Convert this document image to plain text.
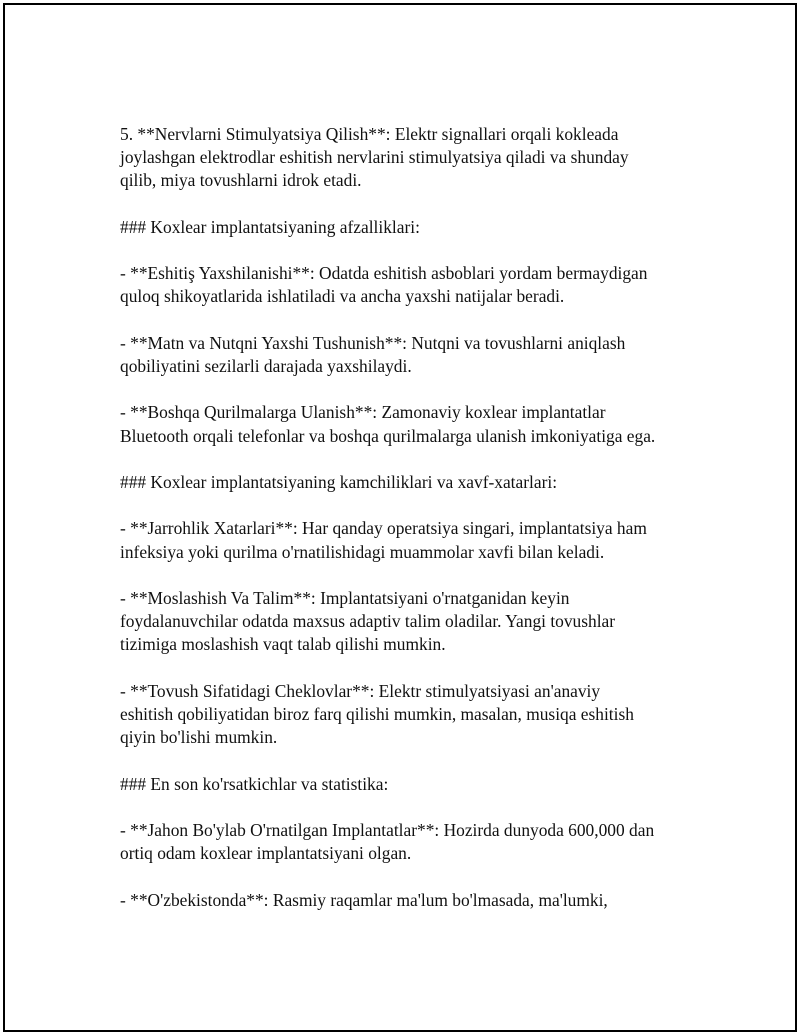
5. **Nervlarni Stimulyatsiya Qilish**: Elektr signallari orqali kokleada
joylashgan elektrodlar eshitish nervlarini stimulyatsiya qiladi va shunday
qilib, miya tovushlarni idrok etadi.

### Koxlear implantatsiyaning afzalliklari:

- **Eshitiş Yaxshilanishi**: Odatda eshitish asboblari yordam bermaydigan
quloq shikoyatlarida ishlatiladi va ancha yaxshi natijalar beradi.

- **Matn va Nutqni Yaxshi Tushunish**: Nutqni va tovushlarni aniqlash
qobiliyatini sezilarli darajada yaxshilaydi.

- **Boshqa Qurilmalarga Ulanish**: Zamonaviy koxlear implantatlar
Bluetooth orqali telefonlar va boshqa qurilmalarga ulanish imkoniyatiga ega.

### Koxlear implantatsiyaning kamchiliklari va xavf-xatarlari:

- **Jarrohlik Xatarlari**: Har qanday operatsiya singari, implantatsiya ham
infeksiya yoki qurilma o'rnatilishidagi muammolar xavfi bilan keladi.

- **Moslashish Va Talim**: Implantatsiyani o'rnatganidan keyin
foydalanuvchilar odatda maxsus adaptiv talim oladilar. Yangi tovushlar
tizimiga moslashish vaqt talab qilishi mumkin.

- **Tovush Sifatidagi Cheklovlar**: Elektr stimulyatsiyasi an'anaviy
eshitish qobiliyatidan biroz farq qilishi mumkin, masalan, musiqa eshitish
qiyin bo'lishi mumkin.

### En son ko'rsatkichlar va statistika:

- **Jahon Bo'ylab O'rnatilgan Implantatlar**: Hozirda dunyoda 600,000 dan
ortiq odam koxlear implantatsiyani olgan.

- **O'zbekistonda**: Rasmiy raqamlar ma'lum bo'lmasada, ma'lumki,
